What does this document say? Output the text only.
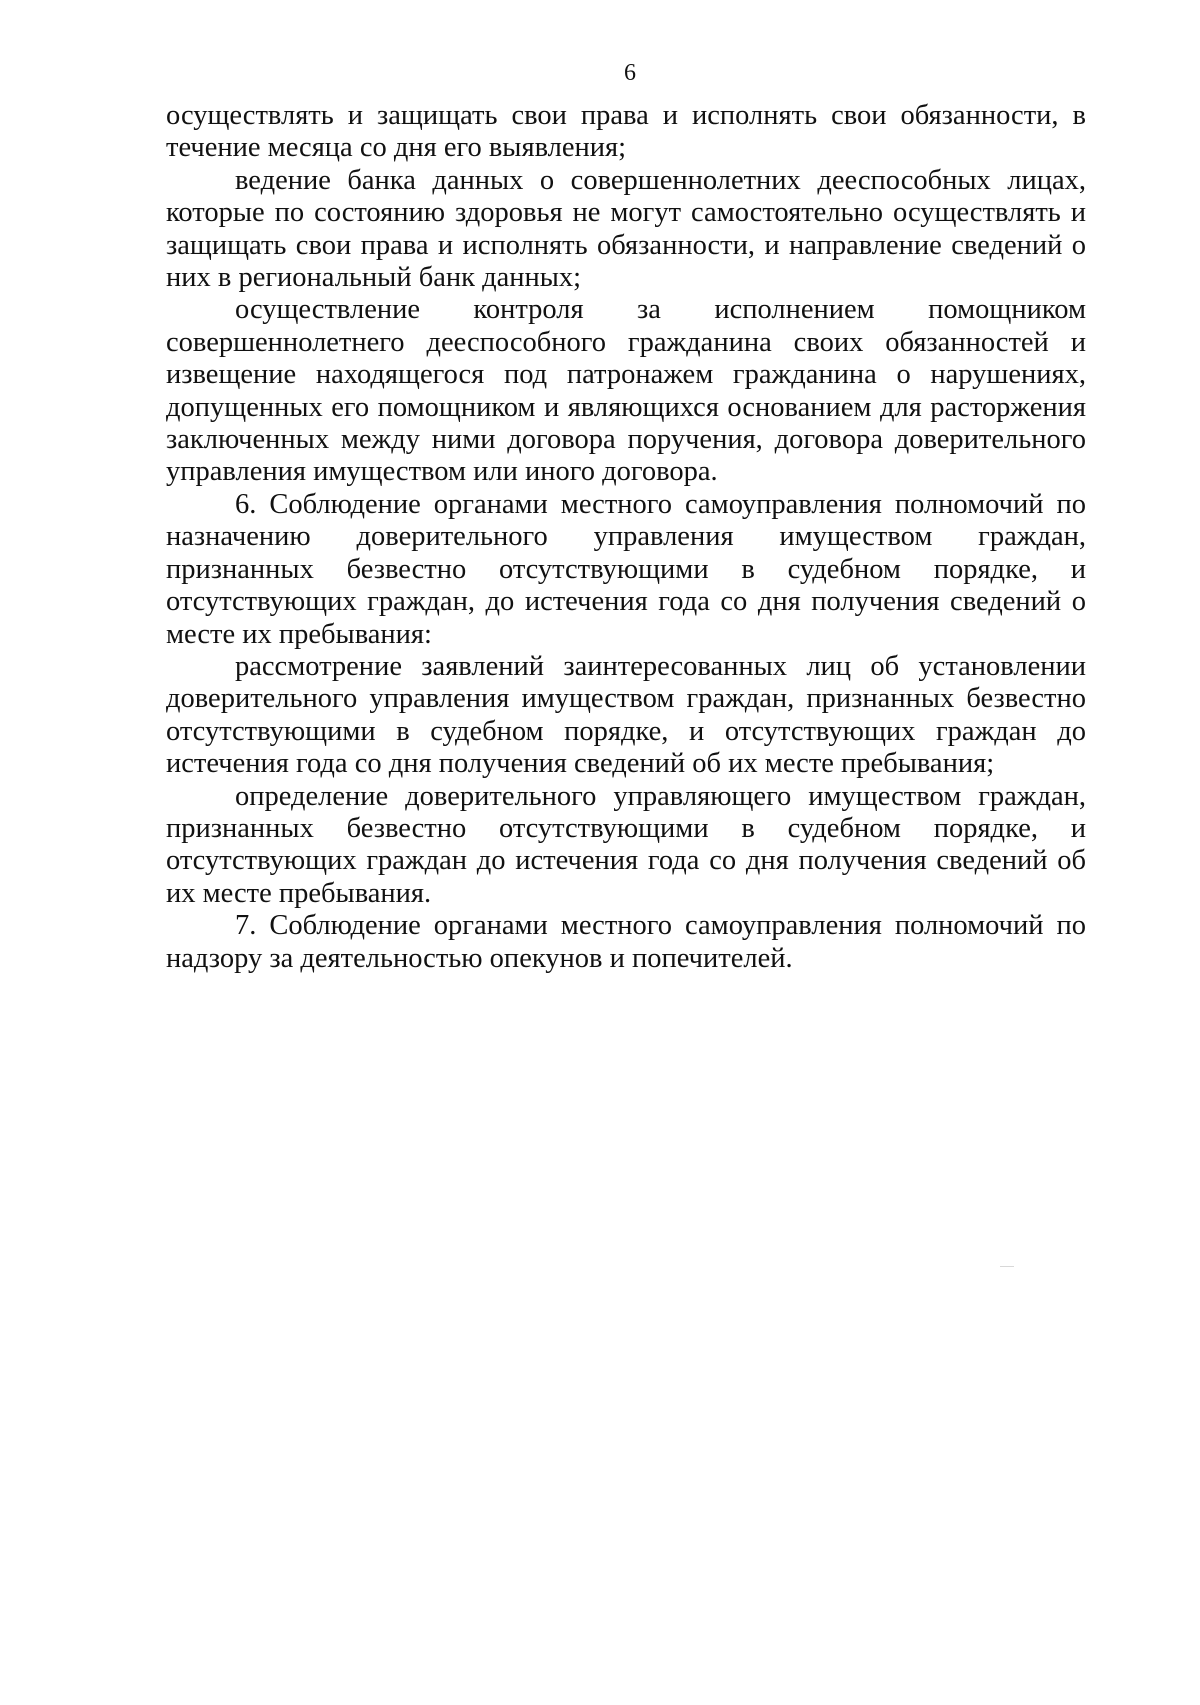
6

осуществлять и защищать свои права и исполнять свои обязанности, в течение месяца со дня его выявления;

ведение банка данных о совершеннолетних дееспособных лицах, которые по состоянию здоровья не могут самостоятельно осуществлять и защищать свои права и исполнять обязанности, и направление сведений о них в региональный банк данных;

осуществление контроля за исполнением помощником совершеннолетнего дееспособного гражданина своих обязанностей и извещение находящегося под патронажем гражданина о нарушениях, допущенных его помощником и являющихся основанием для расторжения заключенных между ними договора поручения, договора доверительного управления имуществом или иного договора.

6. Соблюдение органами местного самоуправления полномочий по назначению доверительного управления имуществом граждан, признанных безвестно отсутствующими в судебном порядке, и отсутствующих граждан, до истечения года со дня получения сведений о месте их пребывания:

рассмотрение заявлений заинтересованных лиц об установлении доверительного управления имуществом граждан, признанных безвестно отсутствующими в судебном порядке, и отсутствующих граждан до истечения года со дня получения сведений об их месте пребывания;

определение доверительного управляющего имуществом граждан, признанных безвестно отсутствующими в судебном порядке, и отсутствующих граждан до истечения года со дня получения сведений об их месте пребывания.

7. Соблюдение органами местного самоуправления полномочий по надзору за деятельностью опекунов и попечителей.
